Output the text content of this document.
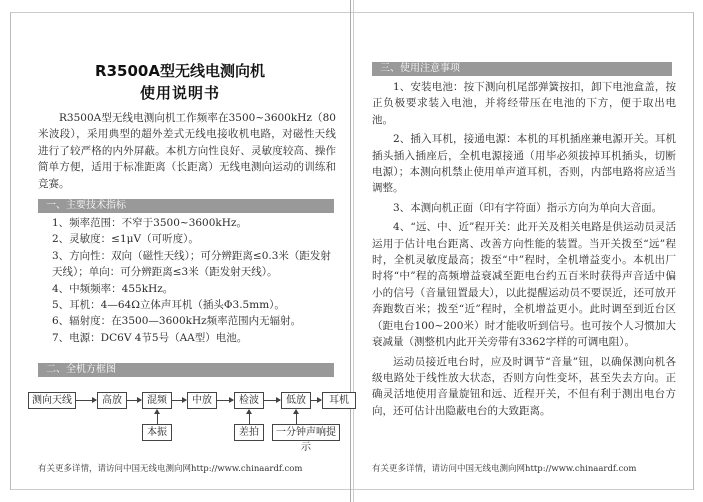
R3500A型无线电测向机
使用说明书
R3500A型无线电测向机工作频率在3500~3600kHz（80米波段），采用典型的超外差式无线电接收机电路，对磁性天线进行了较严格的内外屏蔽。本机方向性良好、灵敏度较高、操作简单方便，适用于标准距离（长距离）无线电测向运动的训练和竞赛。
一、主要技术指标
1、频率范围：不窄于3500~3600kHz。
2、灵敏度：≤1μV（可听度）。
3、方向性：双向（磁性天线）；可分辨距离≤0.3米（距发射天线）；单向：可分辨距离≤3米（距发射天线）。
4、中频频率：455kHz。
5、耳机：4—64Ω立体声耳机（插头Φ3.5mm）。
6、辐射度：在3500—3600kHz频率范围内无辐射。
7、电源：DC6V 4节5号（AA型）电池。
二、全机方框图
测向天线	高放	混频	中放	检波	低放	耳机
本振	差拍	一分钟声响提示
有关更多详情，请访问中国无线电测向网http://www.chinaardf.com
三、使用注意事项
1、安装电池：按下测向机尾部弹簧按扣，卸下电池盒盖，按正负极要求装入电池，并将经带压在电池的下方，便于取出电池。
2、插入耳机，接通电源：本机的耳机插座兼电源开关。耳机插头插入插座后，全机电源接通（用毕必须拔掉耳机插头，切断电源）；本测向机禁止使用单声道耳机，否则，内部电路将应适当调整。
3、本测向机正面（印有字符面）指示方向为单向大音面。
4、“远、中、近”程开关：此开关及相关电路是供运动员灵活运用于估计电台距离、改善方向性能的装置。当开关拨至“远”程时，全机灵敏度最高；拨至“中”程时，全机增益变小。本机出厂时将“中”程的高频增益衰减至距电台约五百米时获得声音适中偏小的信号（音量钮置最大），以此提醒运动员不要误近，还可放开奔跑数百米；拨至“近”程时，全机增益更小。此时调至到近台区（距电台100~200米）时才能收听到信号。也可按个人习惯加大衰减量（测整机内此开关旁带有3362字样的可调电阻）。
运动员接近电台时，应及时调节“音量”钮，以确保测向机各级电路处于线性放大状态，否则方向性变坏，甚至失去方向。正确灵活地使用音量旋钮和远、近程开关，不但有利于测出电台方向，还可估计出隐蔽电台的大致距离。
有关更多详情，请访问中国无线电测向网http://www.chinaardf.com
